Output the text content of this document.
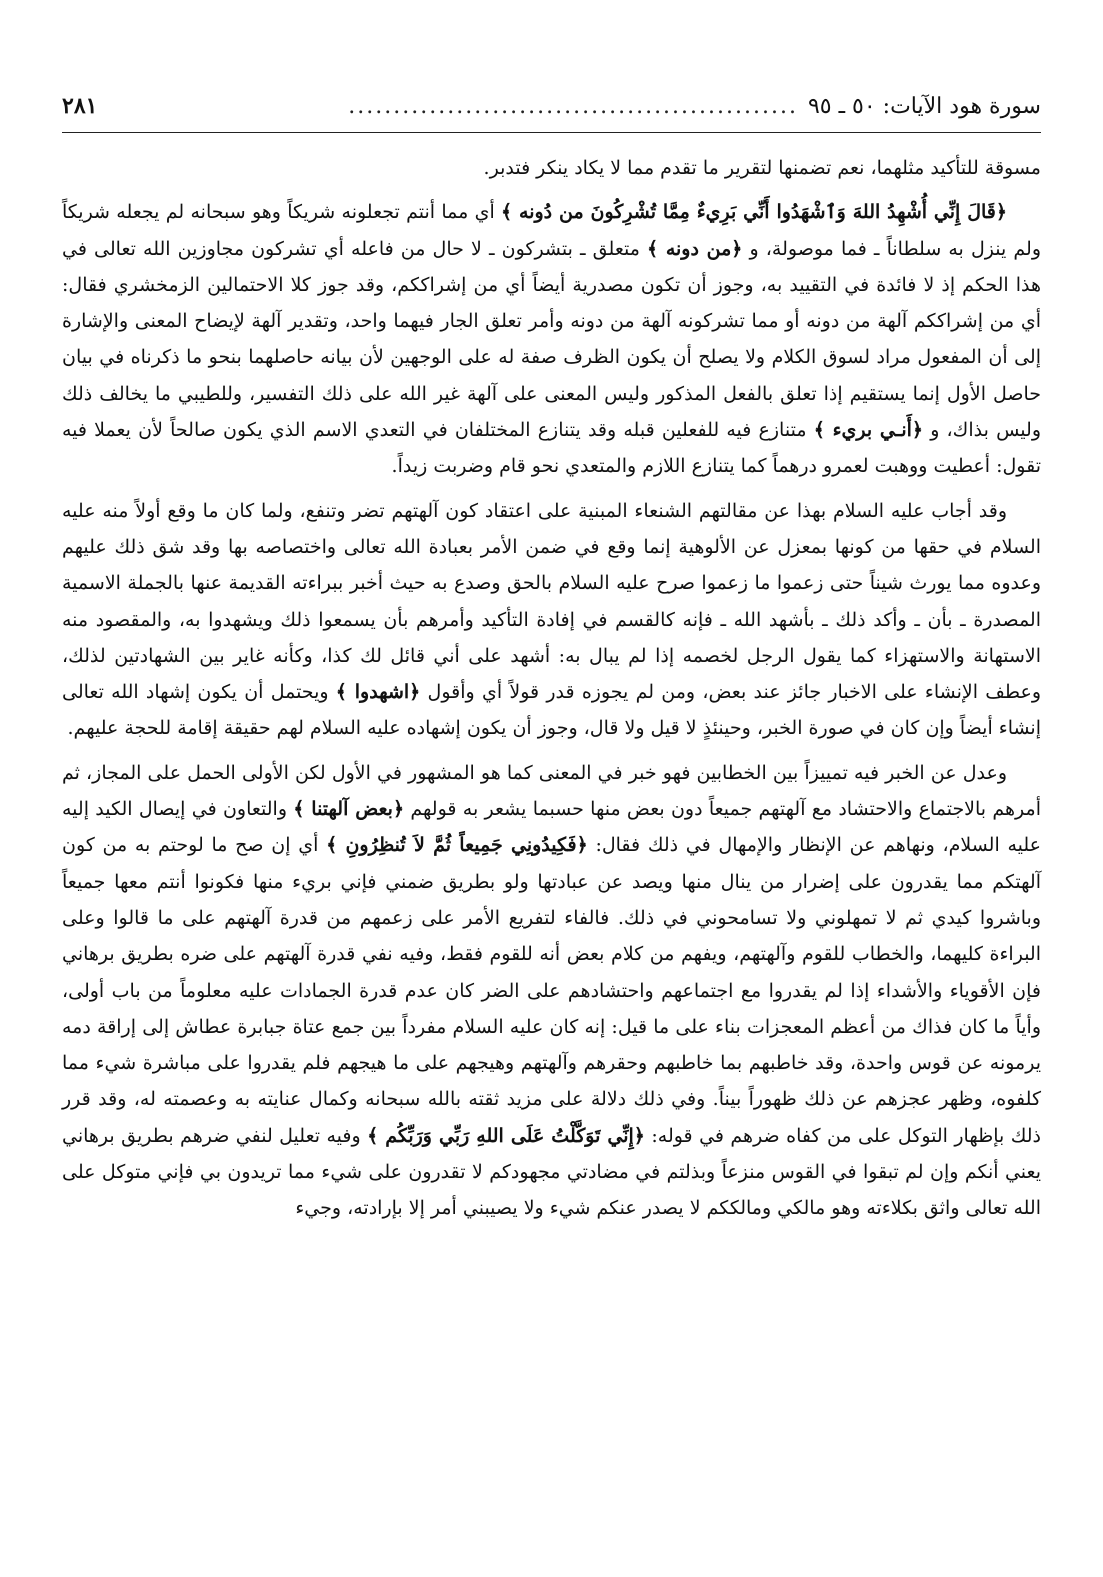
سورة هود الآيات: ٥٠ ـ ٩٥
..................................................
٢٨١

مسوقة للتأكيد مثلهما، نعم تضمنها لتقرير ما تقدم مما لا يكاد ينكر فتدبر.

﴿قَالَ إِنِّي أُشْهِدُ اللهَ وَٱشْهَدُوا أَنِّي بَرِيءٌ مِمَّا تُشْرِكُونَ من دُونه ﴾ أي مما أنتم تجعلونه شريكاً وهو سبحانه لم يجعله شريكاً ولم ينزل به سلطاناً ـ فما موصولة، و ﴿من دونه ﴾ متعلق ـ بتشركون ـ لا حال من فاعله أي تشركون مجاوزين الله تعالى في هذا الحكم إذ لا فائدة في التقييد به، وجوز أن تكون مصدرية أيضاً أي من إشراككم، وقد جوز كلا الاحتمالين الزمخشري فقال: أي من إشراككم آلهة من دونه أو مما تشركونه آلهة من دونه وأمر تعلق الجار فيهما واحد، وتقدير آلهة لإيضاح المعنى والإشارة إلى أن المفعول مراد لسوق الكلام ولا يصلح أن يكون الظرف صفة له على الوجهين لأن بيانه حاصلهما بنحو ما ذكرناه في بيان حاصل الأول إنما يستقيم إذا تعلق بالفعل المذكور وليس المعنى على آلهة غير الله على ذلك التفسير، وللطيبي ما يخالف ذلك وليس بذاك، و ﴿أَنـي بريء ﴾ متنازع فيه للفعلين قبله وقد يتنازع المختلفان في التعدي الاسم الذي يكون صالحاً لأن يعملا فيه تقول: أعطيت ووهبت لعمرو درهماً كما يتنازع اللازم والمتعدي نحو قام وضربت زيداً.

وقد أجاب عليه السلام بهذا عن مقالتهم الشنعاء المبنية على اعتقاد كون آلهتهم تضر وتنفع، ولما كان ما وقع أولاً منه عليه السلام في حقها من كونها بمعزل عن الألوهية إنما وقع في ضمن الأمر بعبادة الله تعالى واختصاصه بها وقد شق ذلك عليهم وعدوه مما يورث شيناً حتى زعموا ما زعموا صرح عليه السلام بالحق وصدع به حيث أخبر ببراءته القديمة عنها بالجملة الاسمية المصدرة ـ بأن ـ وأكد ذلك ـ بأشهد الله ـ فإنه كالقسم في إفادة التأكيد وأمرهم بأن يسمعوا ذلك ويشهدوا به، والمقصود منه الاستهانة والاستهزاء كما يقول الرجل لخصمه إذا لم يبال به: أشهد على أني قائل لك كذا، وكأنه غاير بين الشهادتين لذلك، وعطف الإنشاء على الاخبار جائز عند بعض، ومن لم يجوزه قدر قولاً أي وأقول ﴿اشهدوا ﴾ ويحتمل أن يكون إشهاد الله تعالى إنشاء أيضاً وإن كان في صورة الخبر، وحينئذٍ لا قيل ولا قال، وجوز أن يكون إشهاده عليه السلام لهم حقيقة إقامة للحجة عليهم.

وعدل عن الخبر فيه تمييزاً بين الخطابين فهو خبر في المعنى كما هو المشهور في الأول لكن الأولى الحمل على المجاز، ثم أمرهم بالاجتماع والاحتشاد مع آلهتهم جميعاً دون بعض منها حسبما يشعر به قولهم ﴿بعض آلهتنا ﴾ والتعاون في إيصال الكيد إليه عليه السلام، ونهاهم عن الإنظار والإمهال في ذلك فقال: ﴿فَكِيدُونِي جَمِيعاً ثُمَّ لاَ تُنظِرُونِ ﴾ أي إن صح ما لوحتم به من كون آلهتكم مما يقدرون على إضرار من ينال منها ويصد عن عبادتها ولو بطريق ضمني فإني بريء منها فكونوا أنتم معها جميعاً وباشروا كيدي ثم لا تمهلوني ولا تسامحوني في ذلك. فالفاء لتفريع الأمر على زعمهم من قدرة آلهتهم على ما قالوا وعلى البراءة كليهما، والخطاب للقوم وآلهتهم، ويفهم من كلام بعض أنه للقوم فقط، وفيه نفي قدرة آلهتهم على ضره بطريق برهاني فإن الأقوياء والأشداء إذا لم يقدروا مع اجتماعهم واحتشادهم على الضر كان عدم قدرة الجمادات عليه معلوماً من باب أولى، وأياً ما كان فذاك من أعظم المعجزات بناء على ما قيل: إنه كان عليه السلام مفرداً بين جمع عتاة جبابرة عطاش إلى إراقة دمه يرمونه عن قوس واحدة، وقد خاطبهم بما خاطبهم وحقرهم وآلهتهم وهيجهم على ما هيجهم فلم يقدروا على مباشرة شيء مما كلفوه، وظهر عجزهم عن ذلك ظهوراً بيناً. وفي ذلك دلالة على مزيد ثقته بالله سبحانه وكمال عنايته به وعصمته له، وقد قرر ذلك بإظهار التوكل على من كفاه ضرهم في قوله: ﴿إِنِّي تَوَكَّلْتُ عَلَى اللهِ رَبِّي وَرَبِّكُم ﴾ وفيه تعليل لنفي ضرهم بطريق برهاني يعني أنكم وإن لم تبقوا في القوس منزعاً وبذلتم في مضادتي مجهودكم لا تقدرون على شيء مما تريدون بي فإني متوكل على الله تعالى واثق بكلاءته وهو مالكي ومالككم لا يصدر عنكم شيء ولا يصيبني أمر إلا بإرادته، وجيء
